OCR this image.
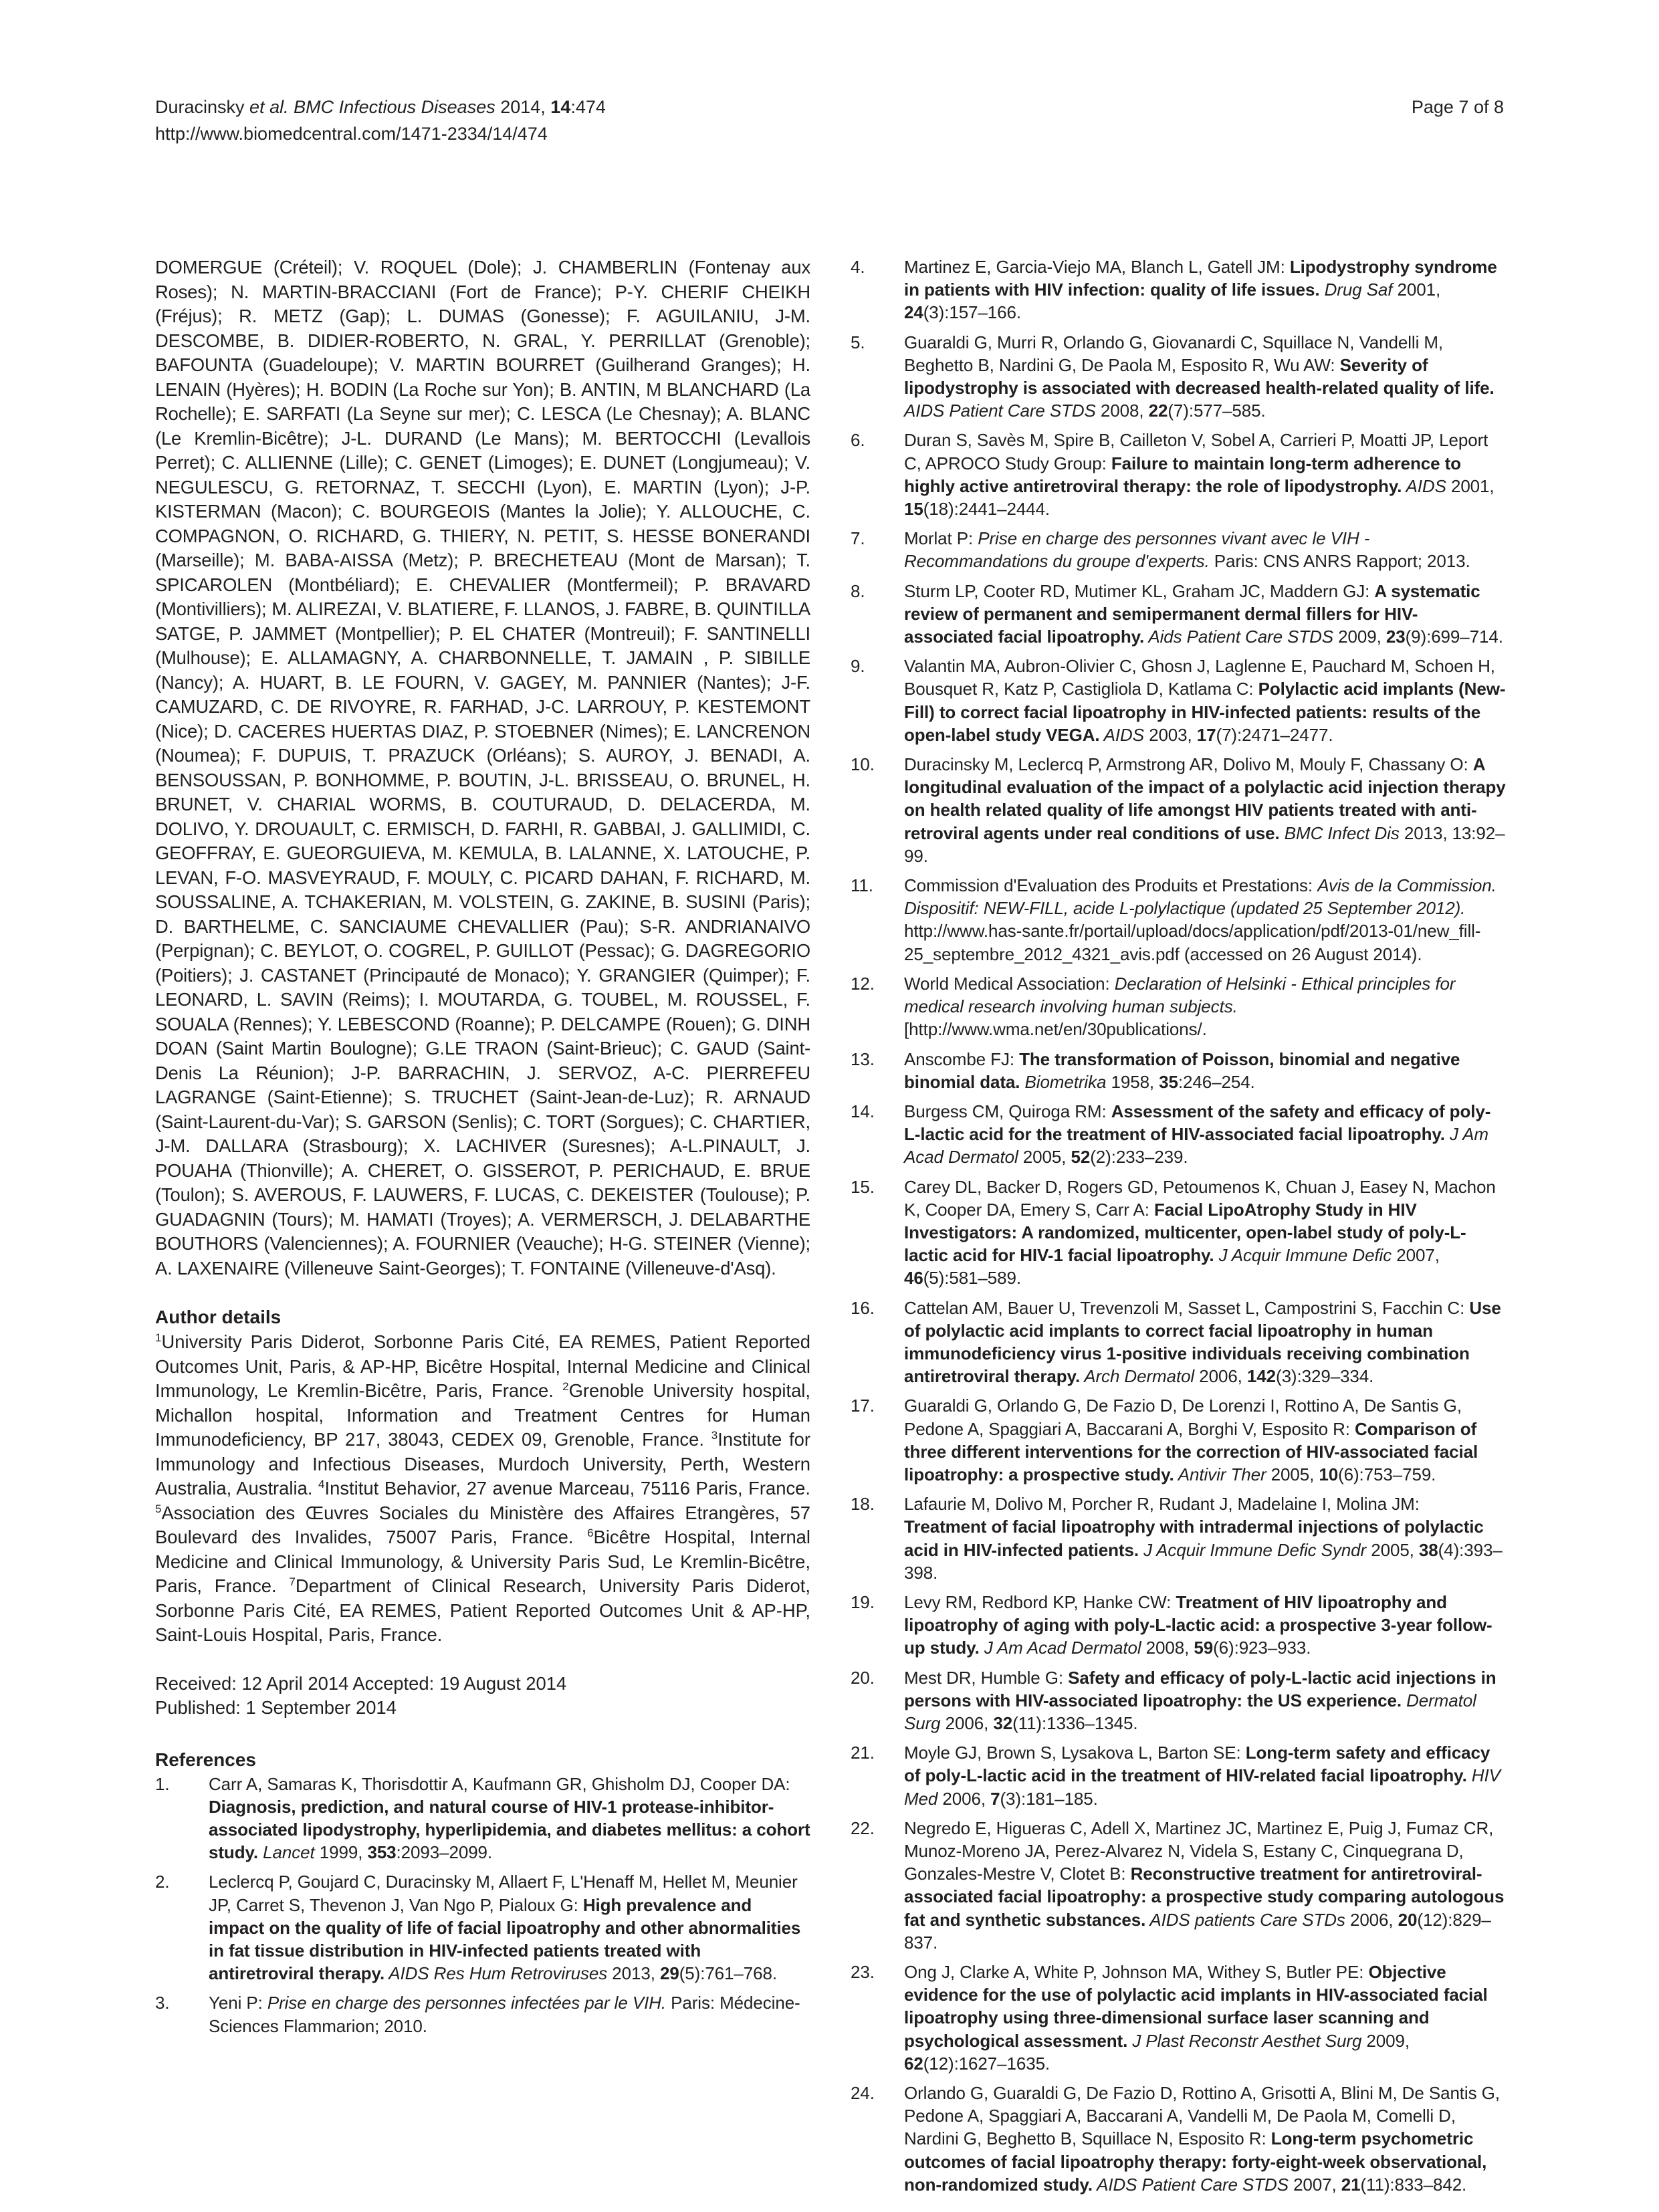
Duracinsky et al. BMC Infectious Diseases 2014, 14:474
http://www.biomedcentral.com/1471-2334/14/474
Page 7 of 8

DOMERGUE (Créteil); V. ROQUEL (Dole); J. CHAMBERLIN (Fontenay aux Roses); N. MARTIN-BRACCIANI (Fort de France); P-Y. CHERIF CHEIKH (Fréjus); R. METZ (Gap); L. DUMAS (Gonesse); F. AGUILANIU, J-M. DESCOMBE, B. DIDIER-ROBERTO, N. GRAL, Y. PERRILLAT (Grenoble); BAFOUNTA (Guadeloupe); V. MARTIN BOURRET (Guilherand Granges); H. LENAIN (Hyères); H. BODIN (La Roche sur Yon); B. ANTIN, M BLANCHARD (La Rochelle); E. SARFATI (La Seyne sur mer); C. LESCA (Le Chesnay); A. BLANC (Le Kremlin-Bicêtre); J-L. DURAND (Le Mans); M. BERTOCCHI (Levallois Perret); C. ALLIENNE (Lille); C. GENET (Limoges); E. DUNET (Longjumeau); V. NEGULESCU, G. RETORNAZ, T. SECCHI (Lyon), E. MARTIN (Lyon); J-P. KISTERMAN (Macon); C. BOURGEOIS (Mantes la Jolie); Y. ALLOUCHE, C. COMPAGNON, O. RICHARD, G. THIERY, N. PETIT, S. HESSE BONERANDI (Marseille); M. BABA-AISSA (Metz); P. BRECHETEAU (Mont de Marsan); T. SPICAROLEN (Montbéliard); E. CHEVALIER (Montfermeil); P. BRAVARD (Montivilliers); M. ALIREZAI, V. BLATIERE, F. LLANOS, J. FABRE, B. QUINTILLA SATGE, P. JAMMET (Montpellier); P. EL CHATER (Montreuil); F. SANTINELLI (Mulhouse); E. ALLAMAGNY, A. CHARBONNELLE, T. JAMAIN , P. SIBILLE (Nancy); A. HUART, B. LE FOURN, V. GAGEY, M. PANNIER (Nantes); J-F. CAMUZARD, C. DE RIVOYRE, R. FARHAD, J-C. LARROUY, P. KESTEMONT (Nice); D. CACERES HUERTAS DIAZ, P. STOEBNER (Nimes); E. LANCRENON (Noumea); F. DUPUIS, T. PRAZUCK (Orléans); S. AUROY, J. BENADI, A. BENSOUSSAN, P. BONHOMME, P. BOUTIN, J-L. BRISSEAU, O. BRUNEL, H. BRUNET, V. CHARIAL WORMS, B. COUTURAUD, D. DELACERDA, M. DOLIVO, Y. DROUAULT, C. ERMISCH, D. FARHI, R. GABBAI, J. GALLIMIDI, C. GEOFFRAY, E. GUEORGUIEVA, M. KEMULA, B. LALANNE, X. LATOUCHE, P. LEVAN, F-O. MASVEYRAUD, F. MOULY, C. PICARD DAHAN, F. RICHARD, M. SOUSSALINE, A. TCHAKERIAN, M. VOLSTEIN, G. ZAKINE, B. SUSINI (Paris); D. BARTHELME, C. SANCIAUME CHEVALLIER (Pau); S-R. ANDRIANAIVO (Perpignan); C. BEYLOT, O. COGREL, P. GUILLOT (Pessac); G. DAGREGORIO (Poitiers); J. CASTANET (Principauté de Monaco); Y. GRANGIER (Quimper); F. LEONARD, L. SAVIN (Reims); I. MOUTARDA, G. TOUBEL, M. ROUSSEL, F. SOUALA (Rennes); Y. LEBESCOND (Roanne); P. DELCAMPE (Rouen); G. DINH DOAN (Saint Martin Boulogne); G.LE TRAON (Saint-Brieuc); C. GAUD (Saint-Denis La Réunion); J-P. BARRACHIN, J. SERVOZ, A-C. PIERREFEU LAGRANGE (Saint-Etienne); S. TRUCHET (Saint-Jean-de-Luz); R. ARNAUD (Saint-Laurent-du-Var); S. GARSON (Senlis); C. TORT (Sorgues); C. CHARTIER, J-M. DALLARA (Strasbourg); X. LACHIVER (Suresnes); A-L.PINAULT, J. POUAHA (Thionville); A. CHERET, O. GISSEROT, P. PERICHAUD, E. BRUE (Toulon); S. AVEROUS, F. LAUWERS, F. LUCAS, C. DEKEISTER (Toulouse); P. GUADAGNIN (Tours); M. HAMATI (Troyes); A. VERMERSCH, J. DELABARTHE BOUTHORS (Valenciennes); A. FOURNIER (Veauche); H-G. STEINER (Vienne); A. LAXENAIRE (Villeneuve Saint-Georges); T. FONTAINE (Villeneuve-d'Asq).

Author details

$^1$University Paris Diderot, Sorbonne Paris Cité, EA REMES, Patient Reported Outcomes Unit, Paris, & AP-HP, Bicêtre Hospital, Internal Medicine and Clinical Immunology, Le Kremlin-Bicêtre, Paris, France. $^2$Grenoble University hospital, Michallon hospital, Information and Treatment Centres for Human Immunodeficiency, BP 217, 38043, CEDEX 09, Grenoble, France. $^3$Institute for Immunology and Infectious Diseases, Murdoch University, Perth, Western Australia, Australia. $^4$Institut Behavior, 27 avenue Marceau, 75116 Paris, France. $^5$Association des Œuvres Sociales du Ministère des Affaires Etrangères, 57 Boulevard des Invalides, 75007 Paris, France. $^6$Bicêtre Hospital, Internal Medicine and Clinical Immunology, & University Paris Sud, Le Kremlin-Bicêtre, Paris, France. $^7$Department of Clinical Research, University Paris Diderot, Sorbonne Paris Cité, EA REMES, Patient Reported Outcomes Unit & AP-HP, Saint-Louis Hospital, Paris, France.

Received: 12 April 2014 Accepted: 19 August 2014
Published: 1 September 2014
References
1. Carr A, Samaras K, Thorisdottir A, Kaufmann GR, Ghisholm DJ, Cooper DA: Diagnosis, prediction, and natural course of HIV-1 protease-inhibitor-associated lipodystrophy, hyperlipidemia, and diabetes mellitus: a cohort study. Lancet 1999, 353:2093–2099.
2. Leclercq P, Goujard C, Duracinsky M, Allaert F, L'Henaff M, Hellet M, Meunier JP, Carret S, Thevenon J, Van Ngo P, Pialoux G: High prevalence and impact on the quality of life of facial lipoatrophy and other abnormalities in fat tissue distribution in HIV-infected patients treated with antiretroviral therapy. AIDS Res Hum Retroviruses 2013, 29(5):761–768.
3. Yeni P: Prise en charge des personnes infectées par le VIH. Paris: Médecine-Sciences Flammarion; 2010.
4. Martinez E, Garcia-Viejo MA, Blanch L, Gatell JM: Lipodystrophy syndrome in patients with HIV infection: quality of life issues. Drug Saf 2001, 24(3):157–166.
5. Guaraldi G, Murri R, Orlando G, Giovanardi C, Squillace N, Vandelli M, Beghetto B, Nardini G, De Paola M, Esposito R, Wu AW: Severity of lipodystrophy is associated with decreased health-related quality of life. AIDS Patient Care STDS 2008, 22(7):577–585.
6. Duran S, Savès M, Spire B, Cailleton V, Sobel A, Carrieri P, Moatti JP, Leport C, APROCO Study Group: Failure to maintain long-term adherence to highly active antiretroviral therapy: the role of lipodystrophy. AIDS 2001, 15(18):2441–2444.
7. Morlat P: Prise en charge des personnes vivant avec le VIH - Recommandations du groupe d'experts. Paris: CNS ANRS Rapport; 2013.
8. Sturm LP, Cooter RD, Mutimer KL, Graham JC, Maddern GJ: A systematic review of permanent and semipermanent dermal fillers for HIV-associated facial lipoatrophy. Aids Patient Care STDS 2009, 23(9):699–714.
9. Valantin MA, Aubron-Olivier C, Ghosn J, Laglenne E, Pauchard M, Schoen H, Bousquet R, Katz P, Castigliola D, Katlama C: Polylactic acid implants (New-Fill) to correct facial lipoatrophy in HIV-infected patients: results of the open-label study VEGA. AIDS 2003, 17(7):2471–2477.
10. Duracinsky M, Leclercq P, Armstrong AR, Dolivo M, Mouly F, Chassany O: A longitudinal evaluation of the impact of a polylactic acid injection therapy on health related quality of life amongst HIV patients treated with anti-retroviral agents under real conditions of use. BMC Infect Dis 2013, 13:92–99.
11. Commission d'Evaluation des Produits et Prestations: Avis de la Commission. Dispositif: NEW-FILL, acide L-polylactique (updated 25 September 2012). http://www.has-sante.fr/portail/upload/docs/application/pdf/2013-01/new_fill-25_septembre_2012_4321_avis.pdf (accessed on 26 August 2014).
12. World Medical Association: Declaration of Helsinki - Ethical principles for medical research involving human subjects. [http://www.wma.net/en/30publications/.
13. Anscombe FJ: The transformation of Poisson, binomial and negative binomial data. Biometrika 1958, 35:246–254.
14. Burgess CM, Quiroga RM: Assessment of the safety and efficacy of poly-L-lactic acid for the treatment of HIV-associated facial lipoatrophy. J Am Acad Dermatol 2005, 52(2):233–239.
15. Carey DL, Backer D, Rogers GD, Petoumenos K, Chuan J, Easey N, Machon K, Cooper DA, Emery S, Carr A: Facial LipoAtrophy Study in HIV Investigators: A randomized, multicenter, open-label study of poly-L-lactic acid for HIV-1 facial lipoatrophy. J Acquir Immune Defic 2007, 46(5):581–589.
16. Cattelan AM, Bauer U, Trevenzoli M, Sasset L, Campostrini S, Facchin C: Use of polylactic acid implants to correct facial lipoatrophy in human immunodeficiency virus 1-positive individuals receiving combination antiretroviral therapy. Arch Dermatol 2006, 142(3):329–334.
17. Guaraldi G, Orlando G, De Fazio D, De Lorenzi I, Rottino A, De Santis G, Pedone A, Spaggiari A, Baccarani A, Borghi V, Esposito R: Comparison of three different interventions for the correction of HIV-associated facial lipoatrophy: a prospective study. Antivir Ther 2005, 10(6):753–759.
18. Lafaurie M, Dolivo M, Porcher R, Rudant J, Madelaine I, Molina JM: Treatment of facial lipoatrophy with intradermal injections of polylactic acid in HIV-infected patients. J Acquir Immune Defic Syndr 2005, 38(4):393–398.
19. Levy RM, Redbord KP, Hanke CW: Treatment of HIV lipoatrophy and lipoatrophy of aging with poly-L-lactic acid: a prospective 3-year follow-up study. J Am Acad Dermatol 2008, 59(6):923–933.
20. Mest DR, Humble G: Safety and efficacy of poly-L-lactic acid injections in persons with HIV-associated lipoatrophy: the US experience. Dermatol Surg 2006, 32(11):1336–1345.
21. Moyle GJ, Brown S, Lysakova L, Barton SE: Long-term safety and efficacy of poly-L-lactic acid in the treatment of HIV-related facial lipoatrophy. HIV Med 2006, 7(3):181–185.
22. Negredo E, Higueras C, Adell X, Martinez JC, Martinez E, Puig J, Fumaz CR, Munoz-Moreno JA, Perez-Alvarez N, Videla S, Estany C, Cinquegrana D, Gonzales-Mestre V, Clotet B: Reconstructive treatment for antiretroviral-associated facial lipoatrophy: a prospective study comparing autologous fat and synthetic substances. AIDS patients Care STDs 2006, 20(12):829–837.
23. Ong J, Clarke A, White P, Johnson MA, Withey S, Butler PE: Objective evidence for the use of polylactic acid implants in HIV-associated facial lipoatrophy using three-dimensional surface laser scanning and psychological assessment. J Plast Reconstr Aesthet Surg 2009, 62(12):1627–1635.
24. Orlando G, Guaraldi G, De Fazio D, Rottino A, Grisotti A, Blini M, De Santis G, Pedone A, Spaggiari A, Baccarani A, Vandelli M, De Paola M, Comelli D, Nardini G, Beghetto B, Squillace N, Esposito R: Long-term psychometric outcomes of facial lipoatrophy therapy: forty-eight-week observational, non-randomized study. AIDS Patient Care STDS 2007, 21(11):833–842.
